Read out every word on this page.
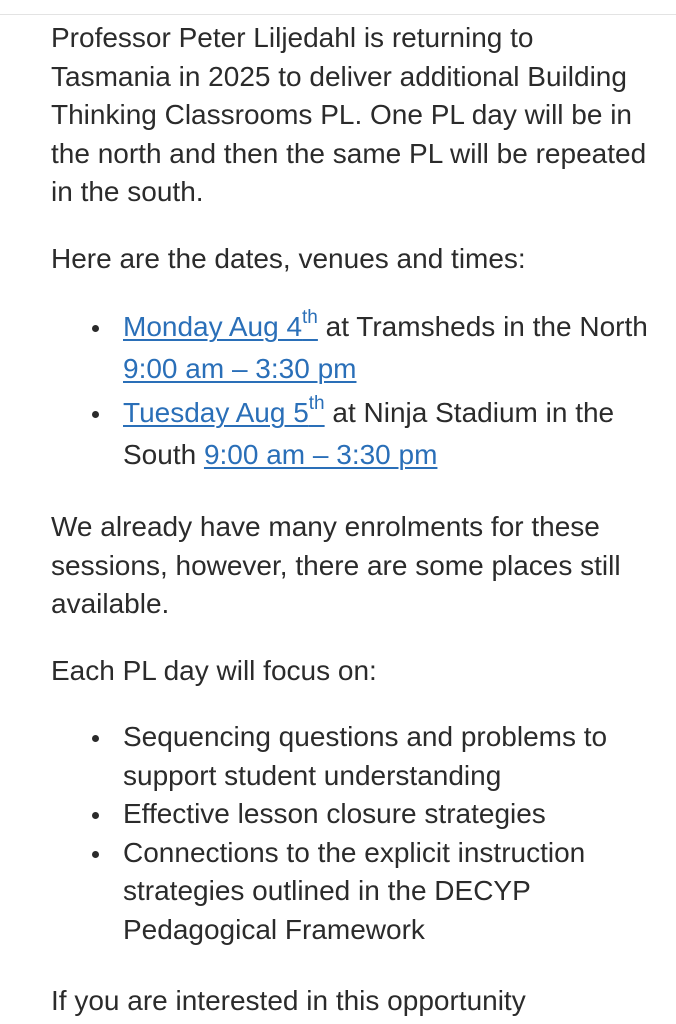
Professor Peter Liljedahl is returning to Tasmania in 2025 to deliver additional Building Thinking Classrooms PL. One PL day will be in the north and then the same PL will be repeated in the south.

Here are the dates, venues and times:

Monday Aug 4th at Tramsheds in the North 9:00 am – 3:30 pm
Tuesday Aug 5th at Ninja Stadium in the South 9:00 am – 3:30 pm

We already have many enrolments for these sessions, however, there are some places still available.

Each PL day will focus on:

Sequencing questions and problems to support student understanding
Effective lesson closure strategies
Connections to the explicit instruction strategies outlined in the DECYP Pedagogical Framework

If you are interested in this opportunity
